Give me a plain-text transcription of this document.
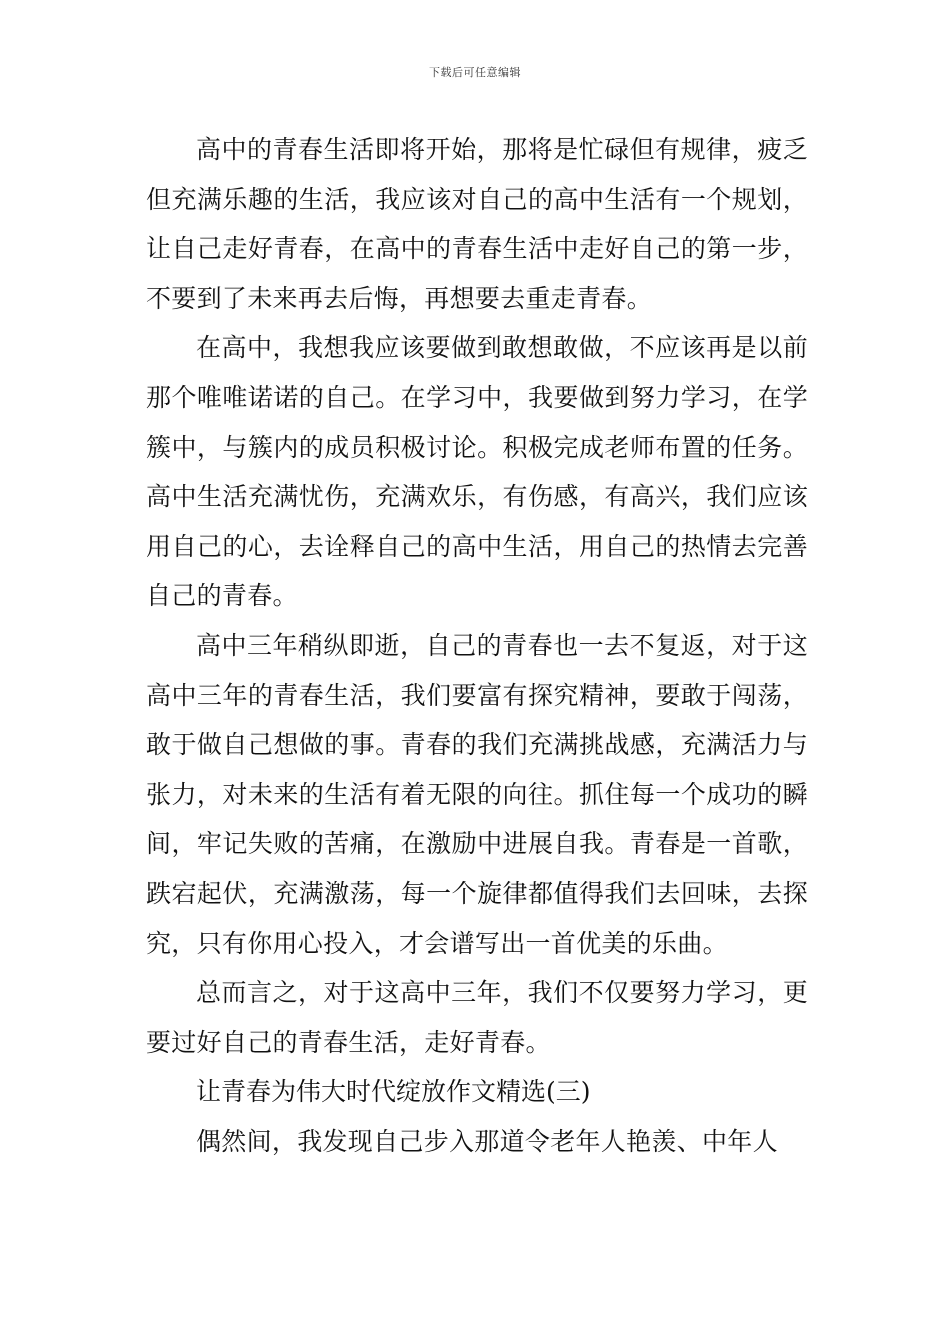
下载后可任意编辑

高中的青春生活即将开始，那将是忙碌但有规律，疲乏但充满乐趣的生活，我应该对自己的高中生活有一个规划，让自己走好青春，在高中的青春生活中走好自己的第一步，不要到了未来再去后悔，再想要去重走青春。

在高中，我想我应该要做到敢想敢做，不应该再是以前那个唯唯诺诺的自己。在学习中，我要做到努力学习，在学簇中，与簇内的成员积极讨论。积极完成老师布置的任务。高中生活充满忧伤，充满欢乐，有伤感，有高兴，我们应该用自己的心，去诠释自己的高中生活，用自己的热情去完善自己的青春。

高中三年稍纵即逝，自己的青春也一去不复返，对于这高中三年的青春生活，我们要富有探究精神，要敢于闯荡，敢于做自己想做的事。青春的我们充满挑战感，充满活力与张力，对未来的生活有着无限的向往。抓住每一个成功的瞬间，牢记失败的苦痛，在激励中进展自我。青春是一首歌，跌宕起伏，充满激荡，每一个旋律都值得我们去回味，去探究，只有你用心投入，才会谱写出一首优美的乐曲。

总而言之，对于这高中三年，我们不仅要努力学习，更要过好自己的青春生活，走好青春。

让青春为伟大时代绽放作文精选(三)

偶然间，我发现自己步入那道令老年人艳羡、中年人
